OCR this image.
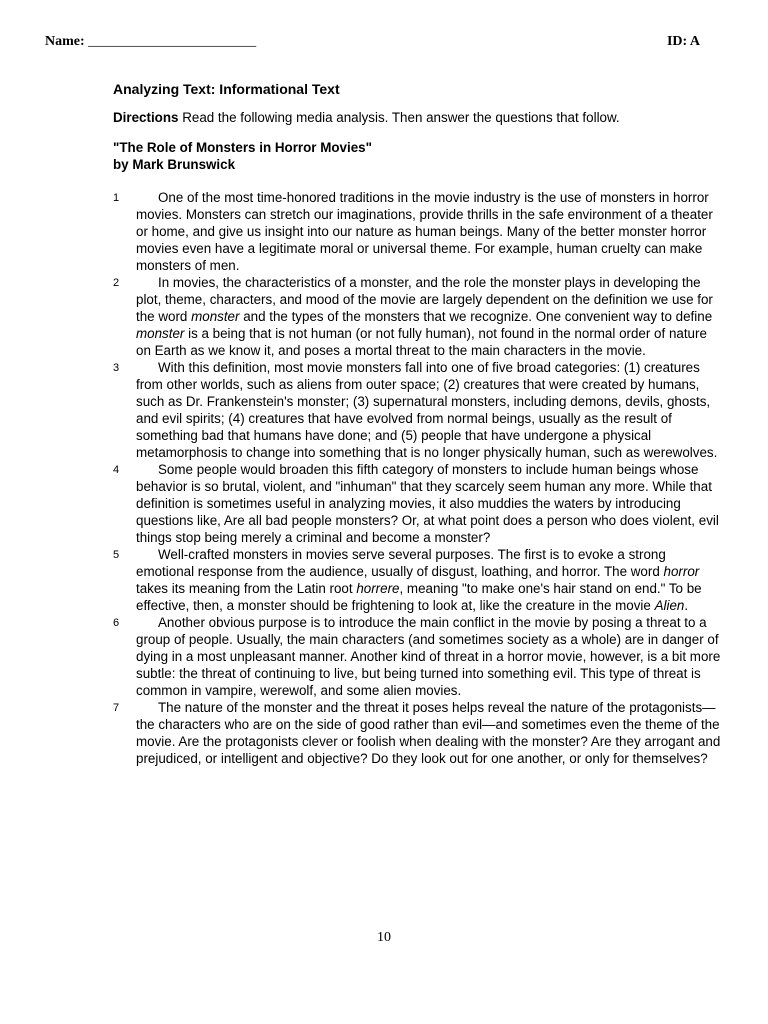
Name: ________________________	ID: A
Analyzing Text: Informational Text
Directions Read the following media analysis. Then answer the questions that follow.
"The Role of Monsters in Horror Movies"
by Mark Brunswick
1	One of the most time-honored traditions in the movie industry is the use of monsters in horror movies. Monsters can stretch our imaginations, provide thrills in the safe environment of a theater or home, and give us insight into our nature as human beings. Many of the better monster horror movies even have a legitimate moral or universal theme. For example, human cruelty can make monsters of men.
2	In movies, the characteristics of a monster, and the role the monster plays in developing the plot, theme, characters, and mood of the movie are largely dependent on the definition we use for the word monster and the types of the monsters that we recognize. One convenient way to define monster is a being that is not human (or not fully human), not found in the normal order of nature on Earth as we know it, and poses a mortal threat to the main characters in the movie.
3	With this definition, most movie monsters fall into one of five broad categories: (1) creatures from other worlds, such as aliens from outer space; (2) creatures that were created by humans, such as Dr. Frankenstein's monster; (3) supernatural monsters, including demons, devils, ghosts, and evil spirits; (4) creatures that have evolved from normal beings, usually as the result of something bad that humans have done; and (5) people that have undergone a physical metamorphosis to change into something that is no longer physically human, such as werewolves.
4	Some people would broaden this fifth category of monsters to include human beings whose behavior is so brutal, violent, and "inhuman" that they scarcely seem human any more. While that definition is sometimes useful in analyzing movies, it also muddies the waters by introducing questions like, Are all bad people monsters? Or, at what point does a person who does violent, evil things stop being merely a criminal and become a monster?
5	Well-crafted monsters in movies serve several purposes. The first is to evoke a strong emotional response from the audience, usually of disgust, loathing, and horror. The word horror takes its meaning from the Latin root horrere, meaning "to make one's hair stand on end." To be effective, then, a monster should be frightening to look at, like the creature in the movie Alien.
6	Another obvious purpose is to introduce the main conflict in the movie by posing a threat to a group of people. Usually, the main characters (and sometimes society as a whole) are in danger of dying in a most unpleasant manner. Another kind of threat in a horror movie, however, is a bit more subtle: the threat of continuing to live, but being turned into something evil. This type of threat is common in vampire, werewolf, and some alien movies.
7	The nature of the monster and the threat it poses helps reveal the nature of the protagonists—the characters who are on the side of good rather than evil—and sometimes even the theme of the movie. Are the protagonists clever or foolish when dealing with the monster? Are they arrogant and prejudiced, or intelligent and objective? Do they look out for one another, or only for themselves?
10
